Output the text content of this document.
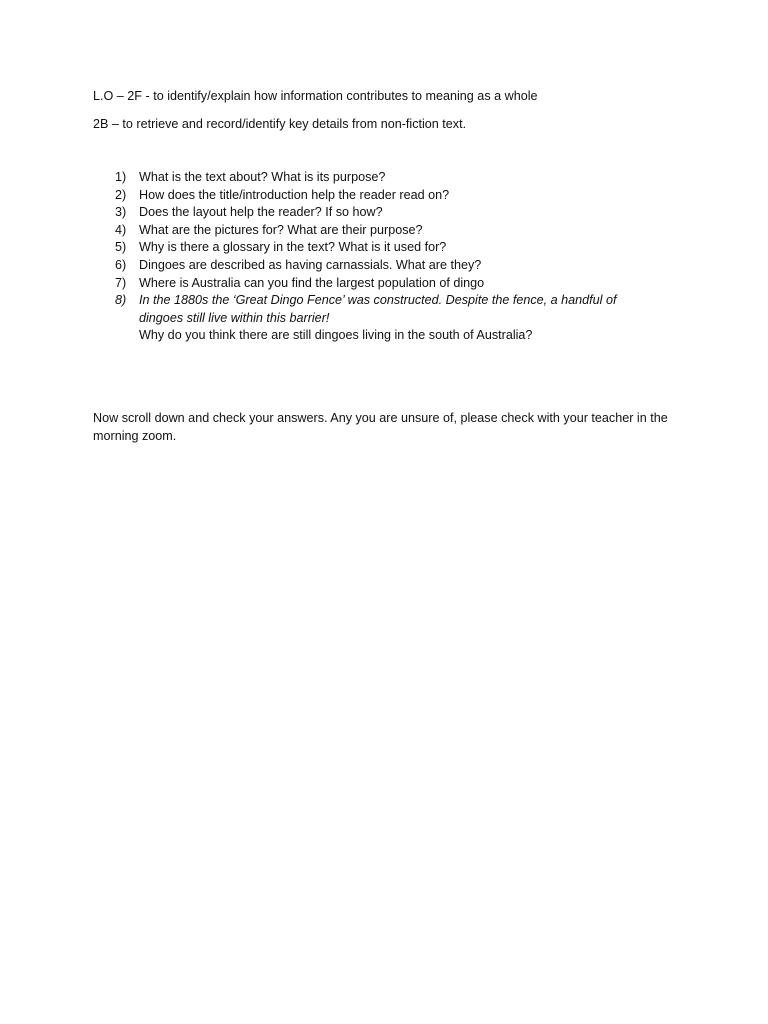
L.O – 2F - to identify/explain how information contributes to meaning as a whole

2B – to retrieve and record/identify key details from non-fiction text.

1)	What is the text about? What is its purpose?
2)	How does the title/introduction help the reader read on?
3)	Does the layout help the reader? If so how?
4)	What are the pictures for? What are their purpose?
5)	Why is there a glossary in the text? What is it used for?
6)	Dingoes are described as having carnassials. What are they?
7)	Where is Australia can you find the largest population of dingo
8)	In the 1880s the ‘Great Dingo Fence’ was constructed. Despite the fence, a handful of dingoes still live within this barrier!
Why do you think there are still dingoes living in the south of Australia?

Now scroll down and check your answers. Any you are unsure of, please check with your teacher in the morning zoom.
